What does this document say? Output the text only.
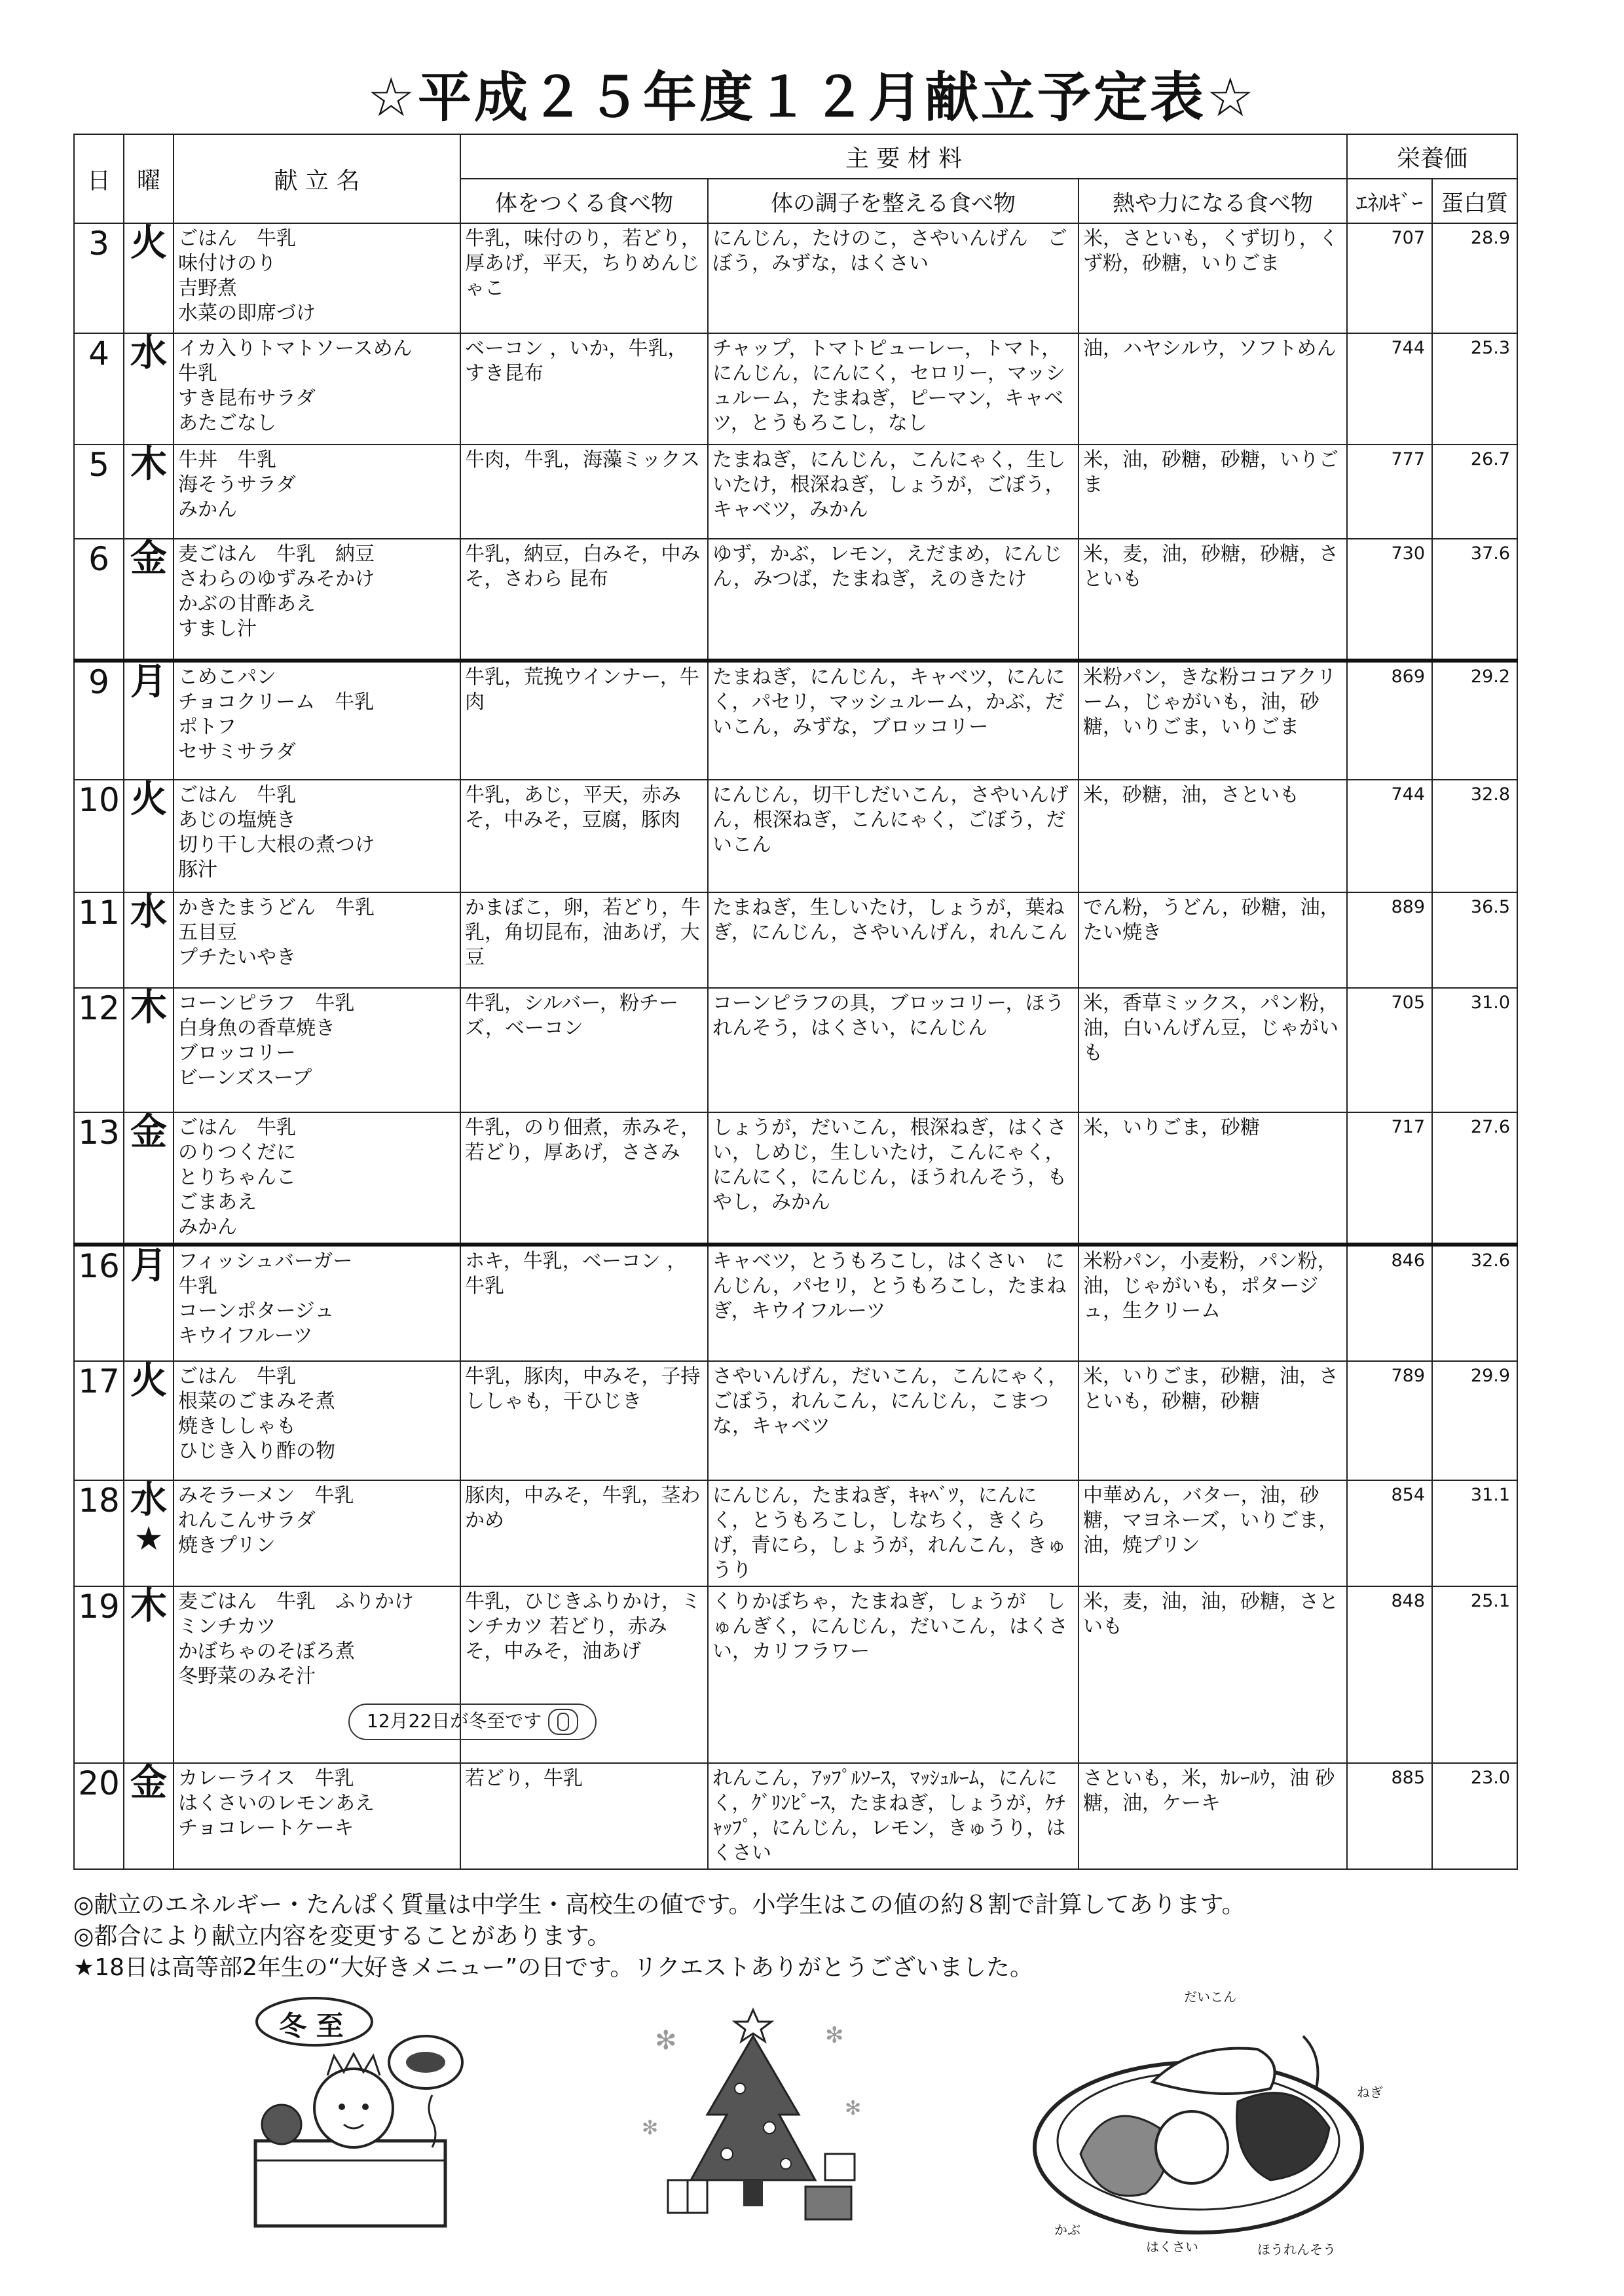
☆平成２５年度１２月献立予定表☆
日	曜	献 立 名	主 要 材 料			栄養価	
			体をつくる食べ物	体の調子を整える食べ物	熱や力になる食べ物	ｴﾈﾙｷﾞｰ	蛋白質
3	火	ごはん　牛乳
味付けのり
吉野煮
水菜の即席づけ	牛乳，味付のり，若どり，厚あげ，平天，ちりめんじゃこ	にんじん，たけのこ，さやいんげん　ごぼう，みずな，はくさい	米，さといも，くず切り，くず粉，砂糖，いりごま	707	28.9
4	水	イカ入りトマトソースめん
牛乳
すき昆布サラダ
あたごなし	ベーコン ，いか，牛乳，すき昆布	チャップ，トマトピューレー，トマト，にんじん，にんにく，セロリー，マッシュルーム，たまねぎ，ピーマン，キャベツ，とうもろこし，なし	油，ハヤシルウ，ソフトめん	744	25.3
5	木	牛丼　牛乳
海そうサラダ
みかん	牛肉，牛乳，海藻ミックス	たまねぎ，にんじん，こんにゃく，生しいたけ，根深ねぎ，しょうが，ごぼう，キャベツ，みかん	米，油，砂糖，砂糖，いりごま	777	26.7
6	金	麦ごはん　牛乳　納豆
さわらのゆずみそかけ
かぶの甘酢あえ
すまし汁	牛乳，納豆，白みそ，中みそ，さわら 昆布	ゆず，かぶ，レモン，えだまめ，にんじん，みつば，たまねぎ，えのきたけ	米，麦，油，砂糖，砂糖，さといも	730	37.6
9	月	こめこパン
チョコクリーム　牛乳
ポトフ
セサミサラダ	牛乳，荒挽ウインナー，牛肉	たまねぎ，にんじん，キャベツ，にんにく，パセリ，マッシュルーム，かぶ，だいこん，みずな，ブロッコリー	米粉パン，きな粉ココアクリーム，じゃがいも，油，砂糖，いりごま，いりごま	869	29.2
10	火	ごはん　牛乳
あじの塩焼き
切り干し大根の煮つけ
豚汁	牛乳，あじ，平天，赤みそ，中みそ，豆腐，豚肉	にんじん，切干しだいこん，さやいんげん，根深ねぎ，こんにゃく，ごぼう，だいこん	米，砂糖，油，さといも	744	32.8
11	水	かきたまうどん　牛乳
五目豆
プチたいやき	かまぼこ，卵，若どり，牛乳，角切昆布，油あげ，大豆	たまねぎ，生しいたけ，しょうが，葉ねぎ，にんじん，さやいんげん，れんこん	でん粉，うどん，砂糖，油，たい焼き	889	36.5
12	木	コーンピラフ　牛乳
白身魚の香草焼き
ブロッコリー
ビーンズスープ	牛乳，シルバー，粉チーズ，ベーコン	コーンピラフの具，ブロッコリー，ほうれんそう，はくさい，にんじん	米，香草ミックス，パン粉，油，白いんげん豆，じゃがいも	705	31.0
13	金	ごはん　牛乳
のりつくだに
とりちゃんこ
ごまあえ
みかん	牛乳，のり佃煮，赤みそ，若どり，厚あげ，ささみ	しょうが，だいこん，根深ねぎ，はくさい，しめじ，生しいたけ，こんにゃく，にんにく，にんじん，ほうれんそう，もやし，みかん	米，いりごま，砂糖	717	27.6
16	月	フィッシュバーガー
牛乳
コーンポタージュ
キウイフルーツ	ホキ，牛乳，ベーコン ，牛乳	キャベツ，とうもろこし，はくさい　にんじん，パセリ，とうもろこし，たまねぎ，キウイフルーツ	米粉パン，小麦粉，パン粉，油，じゃがいも，ポタージュ，生クリーム	846	32.6
17	火	ごはん　牛乳
根菜のごまみそ煮
焼きししゃも
ひじき入り酢の物	牛乳，豚肉，中みそ，子持ししゃも，干ひじき	さやいんげん，だいこん，こんにゃく，ごぼう，れんこん，にんじん，こまつな，キャベツ	米，いりごま，砂糖，油，さといも，砂糖，砂糖	789	29.9
18	水
★	みそラーメン　牛乳
れんこんサラダ
焼きプリン	豚肉，中みそ，牛乳，茎わかめ	にんじん，たまねぎ，ｷｬﾍﾞﾂ，にんにく，とうもろこし，しなちく，きくらげ，青にら，しょうが，れんこん，きゅうり	中華めん，バター，油，砂糖，マヨネーズ，いりごま，油，焼プリン	854	31.1
19	木	麦ごはん　牛乳　ふりかけ
ミンチカツ
かぼちゃのそぼろ煮
冬野菜のみそ汁
12月22日が冬至です	牛乳，ひじきふりかけ，ミンチカツ 若どり，赤みそ，中みそ，油あげ	くりかぼちゃ，たまねぎ，しょうが　しゅんぎく，にんじん，だいこん，はくさい，カリフラワー	米，麦，油，油，砂糖，さといも	848	25.1
20	金	カレーライス　牛乳
はくさいのレモンあえ
チョコレートケーキ	若どり，牛乳	れんこん，ｱｯﾌﾟﾙｿｰｽ，ﾏｯｼｭﾙｰﾑ，にんにく，ｸﾞﾘﾝﾋﾟｰｽ，たまねぎ，しょうが，ｹﾁｬｯﾌﾟ，にんじん，レモン，きゅうり，はくさい	さといも，米，ｶﾚｰﾙｳ，油 砂糖，油，ケーキ	885	23.0
◎献立のエネルギー・たんぱく質量は中学生・高校生の値です。小学生はこの値の約８割で計算してあります。
◎都合により献立内容を変更することがあります。
★18日は高等部2年生の“大好きメニュー”の日です。リクエストありがとうございました。
冬 至	✻	✻
✻
✻
だいこん
ねぎ
かぶ
はくさい	ほうれんそう
